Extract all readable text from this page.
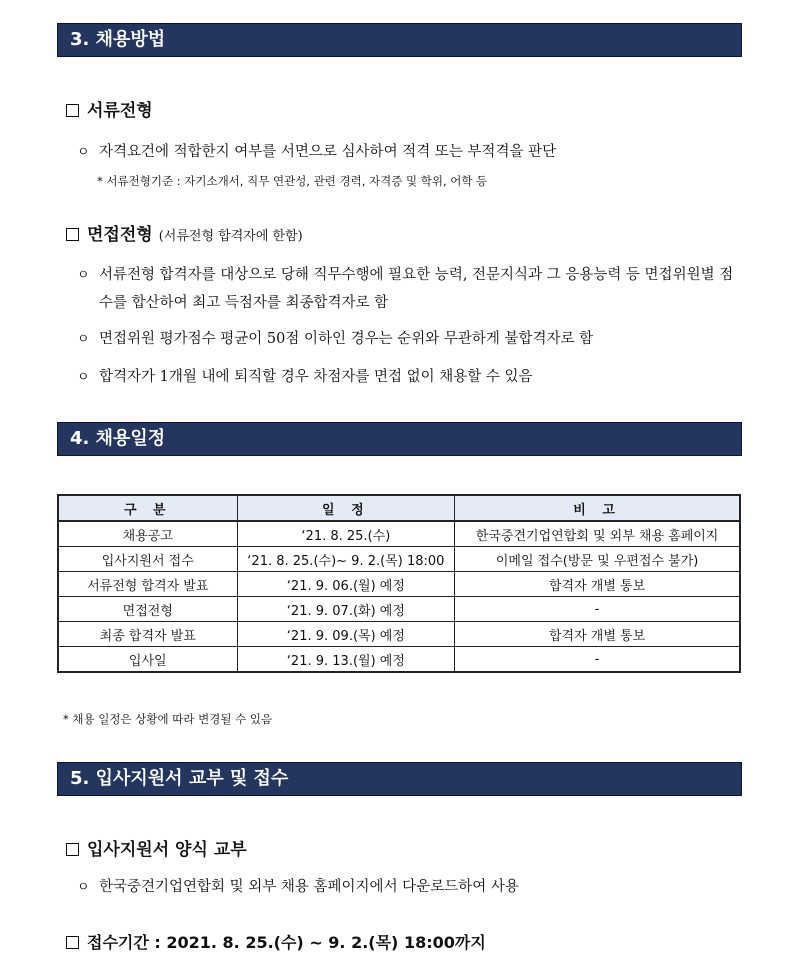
3. 채용방법
서류전형
ㅇ 자격요건에 적합한지 여부를 서면으로 심사하여 적격 또는 부적격을 판단
* 서류전형기준 : 자기소개서, 직무 연관성, 관련 경력, 자격증 및 학위, 어학 등
면접전형 (서류전형 합격자에 한함)
ㅇ 서류전형 합격자를 대상으로 당해 직무수행에 필요한 능력, 전문지식과 그 응용능력 등 면접위원별 점수를 합산하여 최고 득점자를 최종합격자로 함
ㅇ 면접위원 평가점수 평균이 50점 이하인 경우는 순위와 무관하게 불합격자로 함
ㅇ 합격자가 1개월 내에 퇴직할 경우 차점자를 면접 없이 채용할 수 있음
4. 채용일정
구 분	일 정	비 고
채용공고	‘21. 8. 25.(수)	한국중견기업연합회 및 외부 채용 홈페이지
입사지원서 접수	‘21. 8. 25.(수)~ 9. 2.(목) 18:00	이메일 접수(방문 및 우편접수 불가)
서류전형 합격자 발표	‘21. 9. 06.(월) 예정	합격자 개별 통보
면접전형	‘21. 9. 07.(화) 예정	-
최종 합격자 발표	‘21. 9. 09.(목) 예정	합격자 개별 통보
입사일	‘21. 9. 13.(월) 예정	-
* 채용 일정은 상황에 따라 변경될 수 있음
5. 입사지원서 교부 및 접수
입사지원서 양식 교부
ㅇ 한국중견기업연합회 및 외부 채용 홈페이지에서 다운로드하여 사용
접수기간 : 2021. 8. 25.(수) ~ 9. 2.(목) 18:00까지
